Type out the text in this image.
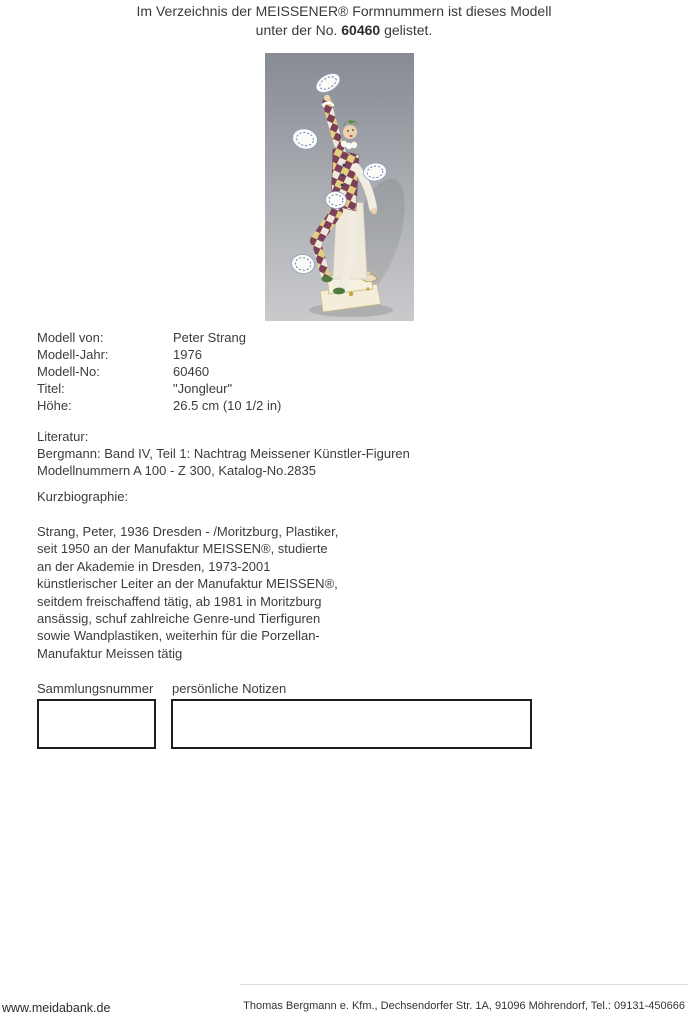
Im Verzeichnis der MEISSENER® Formnummern ist dieses Modell
unter der No. 60460 gelistet.
Modell von:	Peter Strang
Modell-Jahr:	1976
Modell-No:	60460
Titel:	"Jongleur"
Höhe:	26.5 cm (10 1/2 in)
Literatur:
Bergmann: Band IV, Teil 1: Nachtrag Meissener Künstler-Figuren
Modellnummern A 100 - Z 300, Katalog-No.2835
Kurzbiographie:
Strang, Peter, 1936 Dresden - /Moritzburg, Plastiker,
seit 1950 an der Manufaktur MEISSEN®, studierte
an der Akademie in Dresden, 1973-2001
künstlerischer Leiter an der Manufaktur MEISSEN®,
seitdem freischaffend tätig, ab 1981 in Moritzburg
ansässig, schuf zahlreiche Genre-und Tierfiguren
sowie Wandplastiken, weiterhin für die Porzellan-
Manufaktur Meissen tätig
Sammlungsnummer persönliche Notizen
www.meidabank.de	Thomas Bergmann e. Kfm., Dechsendorfer Str. 1A, 91096 Möhrendorf, Tel.: 09131-450666
